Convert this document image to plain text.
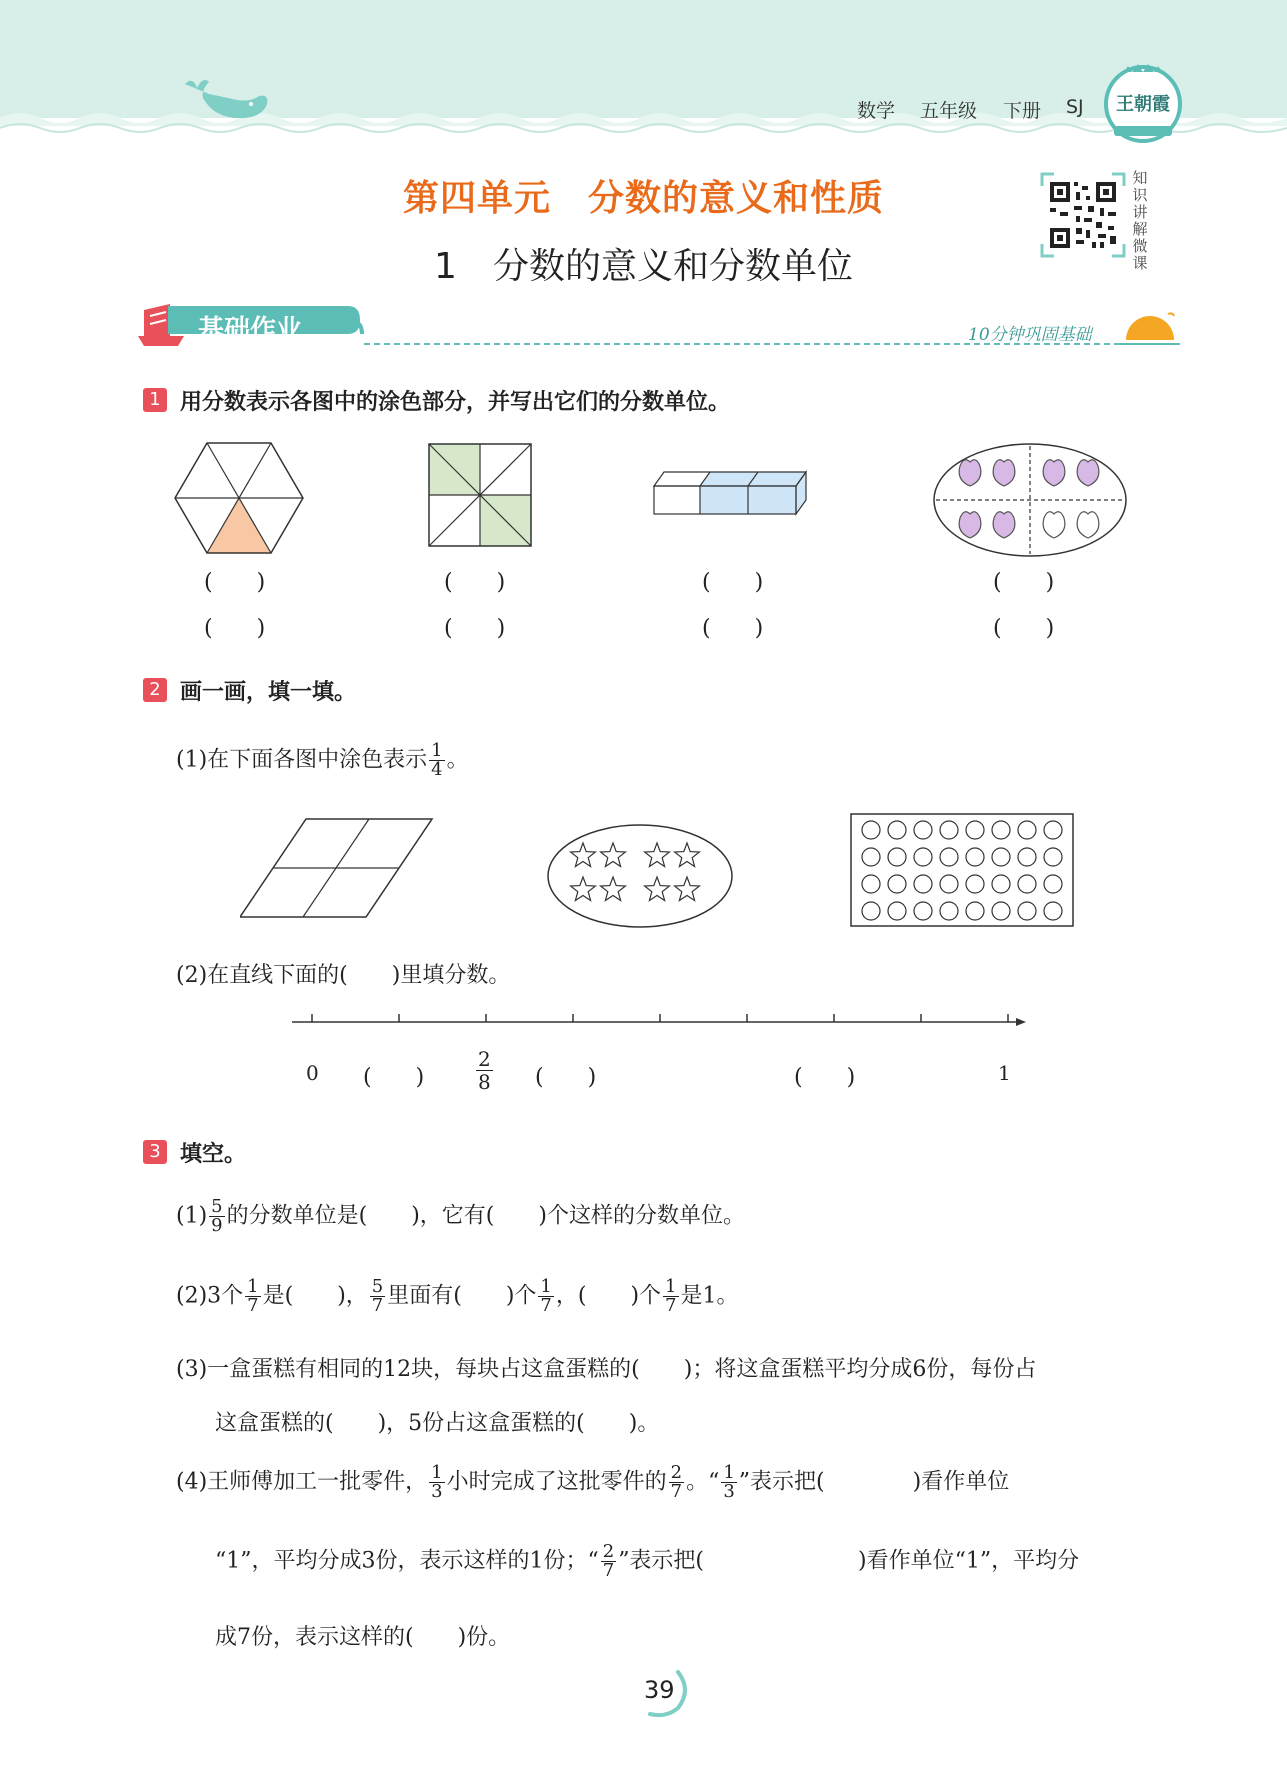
数学 五年级 下册 SJ	王朝霞
第四单元　分数的意义和性质
1　分数的意义和分数单位
知
识
讲
解
微
课
基础作业	10分钟巩固基础
1 用分数表示各图中的涂色部分，并写出它们的分数单位。
(　　)
(　　)
(　　)
(　　)
(　　)
(　　)
(　　)
(　　)
2 画一画，填一填。
(1)在下面各图中涂色表示 $\frac{1}{4}$ 。
(2)在直线下面的(　　)里填分数。
0 (　　)	$\frac{2}{8}$ (　　)	(　　)	1
3 填空。
$(1) \frac{5}{9}$ 的分数单位是(　　)，它有(　　)个这样的分数单位。
(2)3个 $\frac{1}{7}$ 是(　　)， $\frac{5}{7}$ 里面有(　　)个 $\frac{1}{7}$ ，(　　)个 $\frac{1}{7}$ 是1。
(3)一盒蛋糕有相同的12块，每块占这盒蛋糕的(　　)；将这盒蛋糕平均分成6份，每份占
这盒蛋糕的(　　)，5份占这盒蛋糕的(　　)。
(4)王师傅加工一批零件， $\frac{1}{3}$ 小时完成了这批零件的 $\frac{2}{7}$ 。“ $\frac{1}{3}$ ”表示把(　　　　)看作单位
“1”，平均分成3份，表示这样的1份；“ $\frac{2}{7}$ ”表示把(　　　　　　　)看作单位“1”，平均分
成7份，表示这样的(　　)份。
39
